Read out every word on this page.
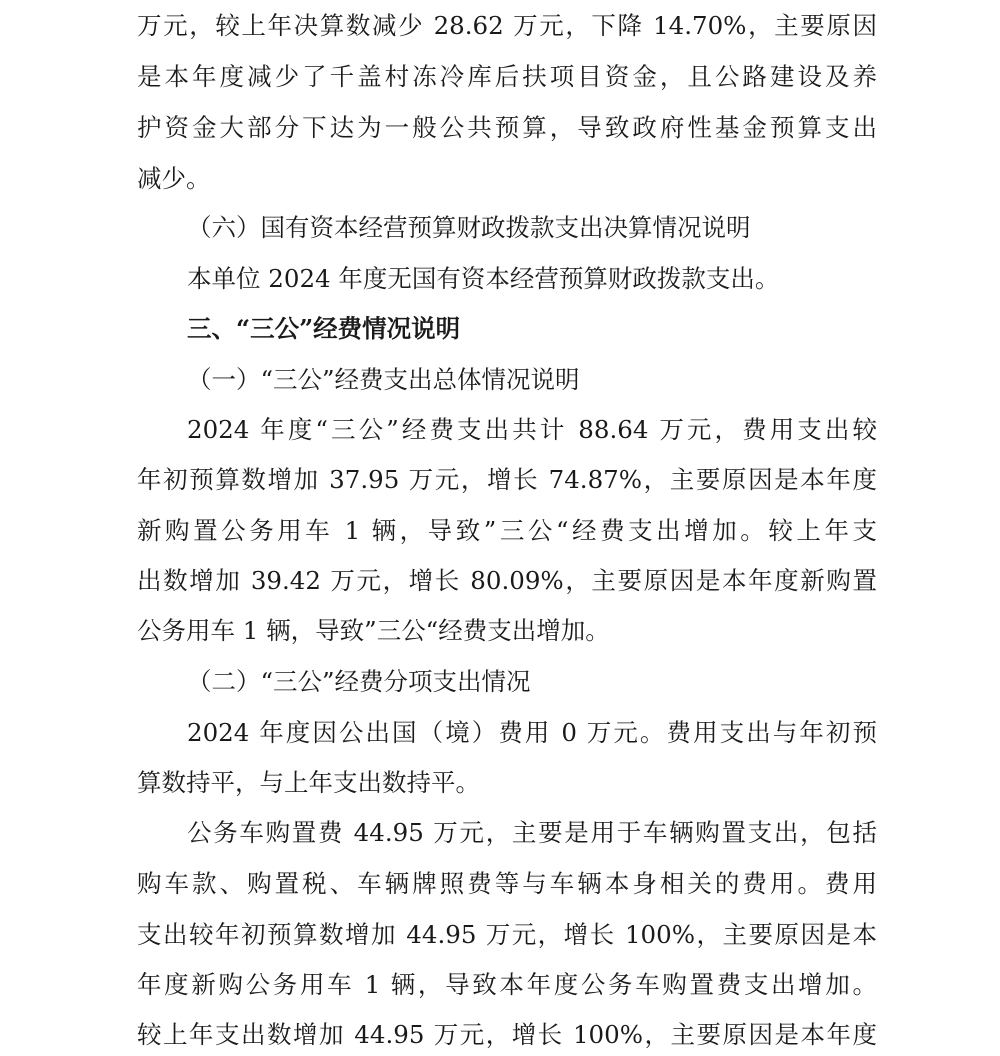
万元，较上年决算数减少 28.62 万元，下降 14.70%，主要原因
是本年度减少了千盖村冻冷库后扶项目资金，且公路建设及养
护资金大部分下达为一般公共预算，导致政府性基金预算支出
减少。
（六）国有资本经营预算财政拨款支出决算情况说明
本单位 2024 年度无国有资本经营预算财政拨款支出。
三、“三公”经费情况说明
（一）“三公”经费支出总体情况说明
2024 年度“三公”经费支出共计 88.64 万元，费用支出较
年初预算数增加 37.95 万元，增长 74.87%，主要原因是本年度
新购置公务用车 1 辆，导致”三公“经费支出增加。较上年支
出数增加 39.42 万元，增长 80.09%，主要原因是本年度新购置
公务用车 1 辆，导致”三公“经费支出增加。
（二）“三公”经费分项支出情况
2024 年度因公出国（境）费用 0 万元。费用支出与年初预
算数持平，与上年支出数持平。
公务车购置费 44.95 万元，主要是用于车辆购置支出，包括
购车款、购置税、车辆牌照费等与车辆本身相关的费用。费用
支出较年初预算数增加 44.95 万元，增长 100%，主要原因是本
年度新购公务用车 1 辆，导致本年度公务车购置费支出增加。
较上年支出数增加 44.95 万元，增长 100%，主要原因是本年度
